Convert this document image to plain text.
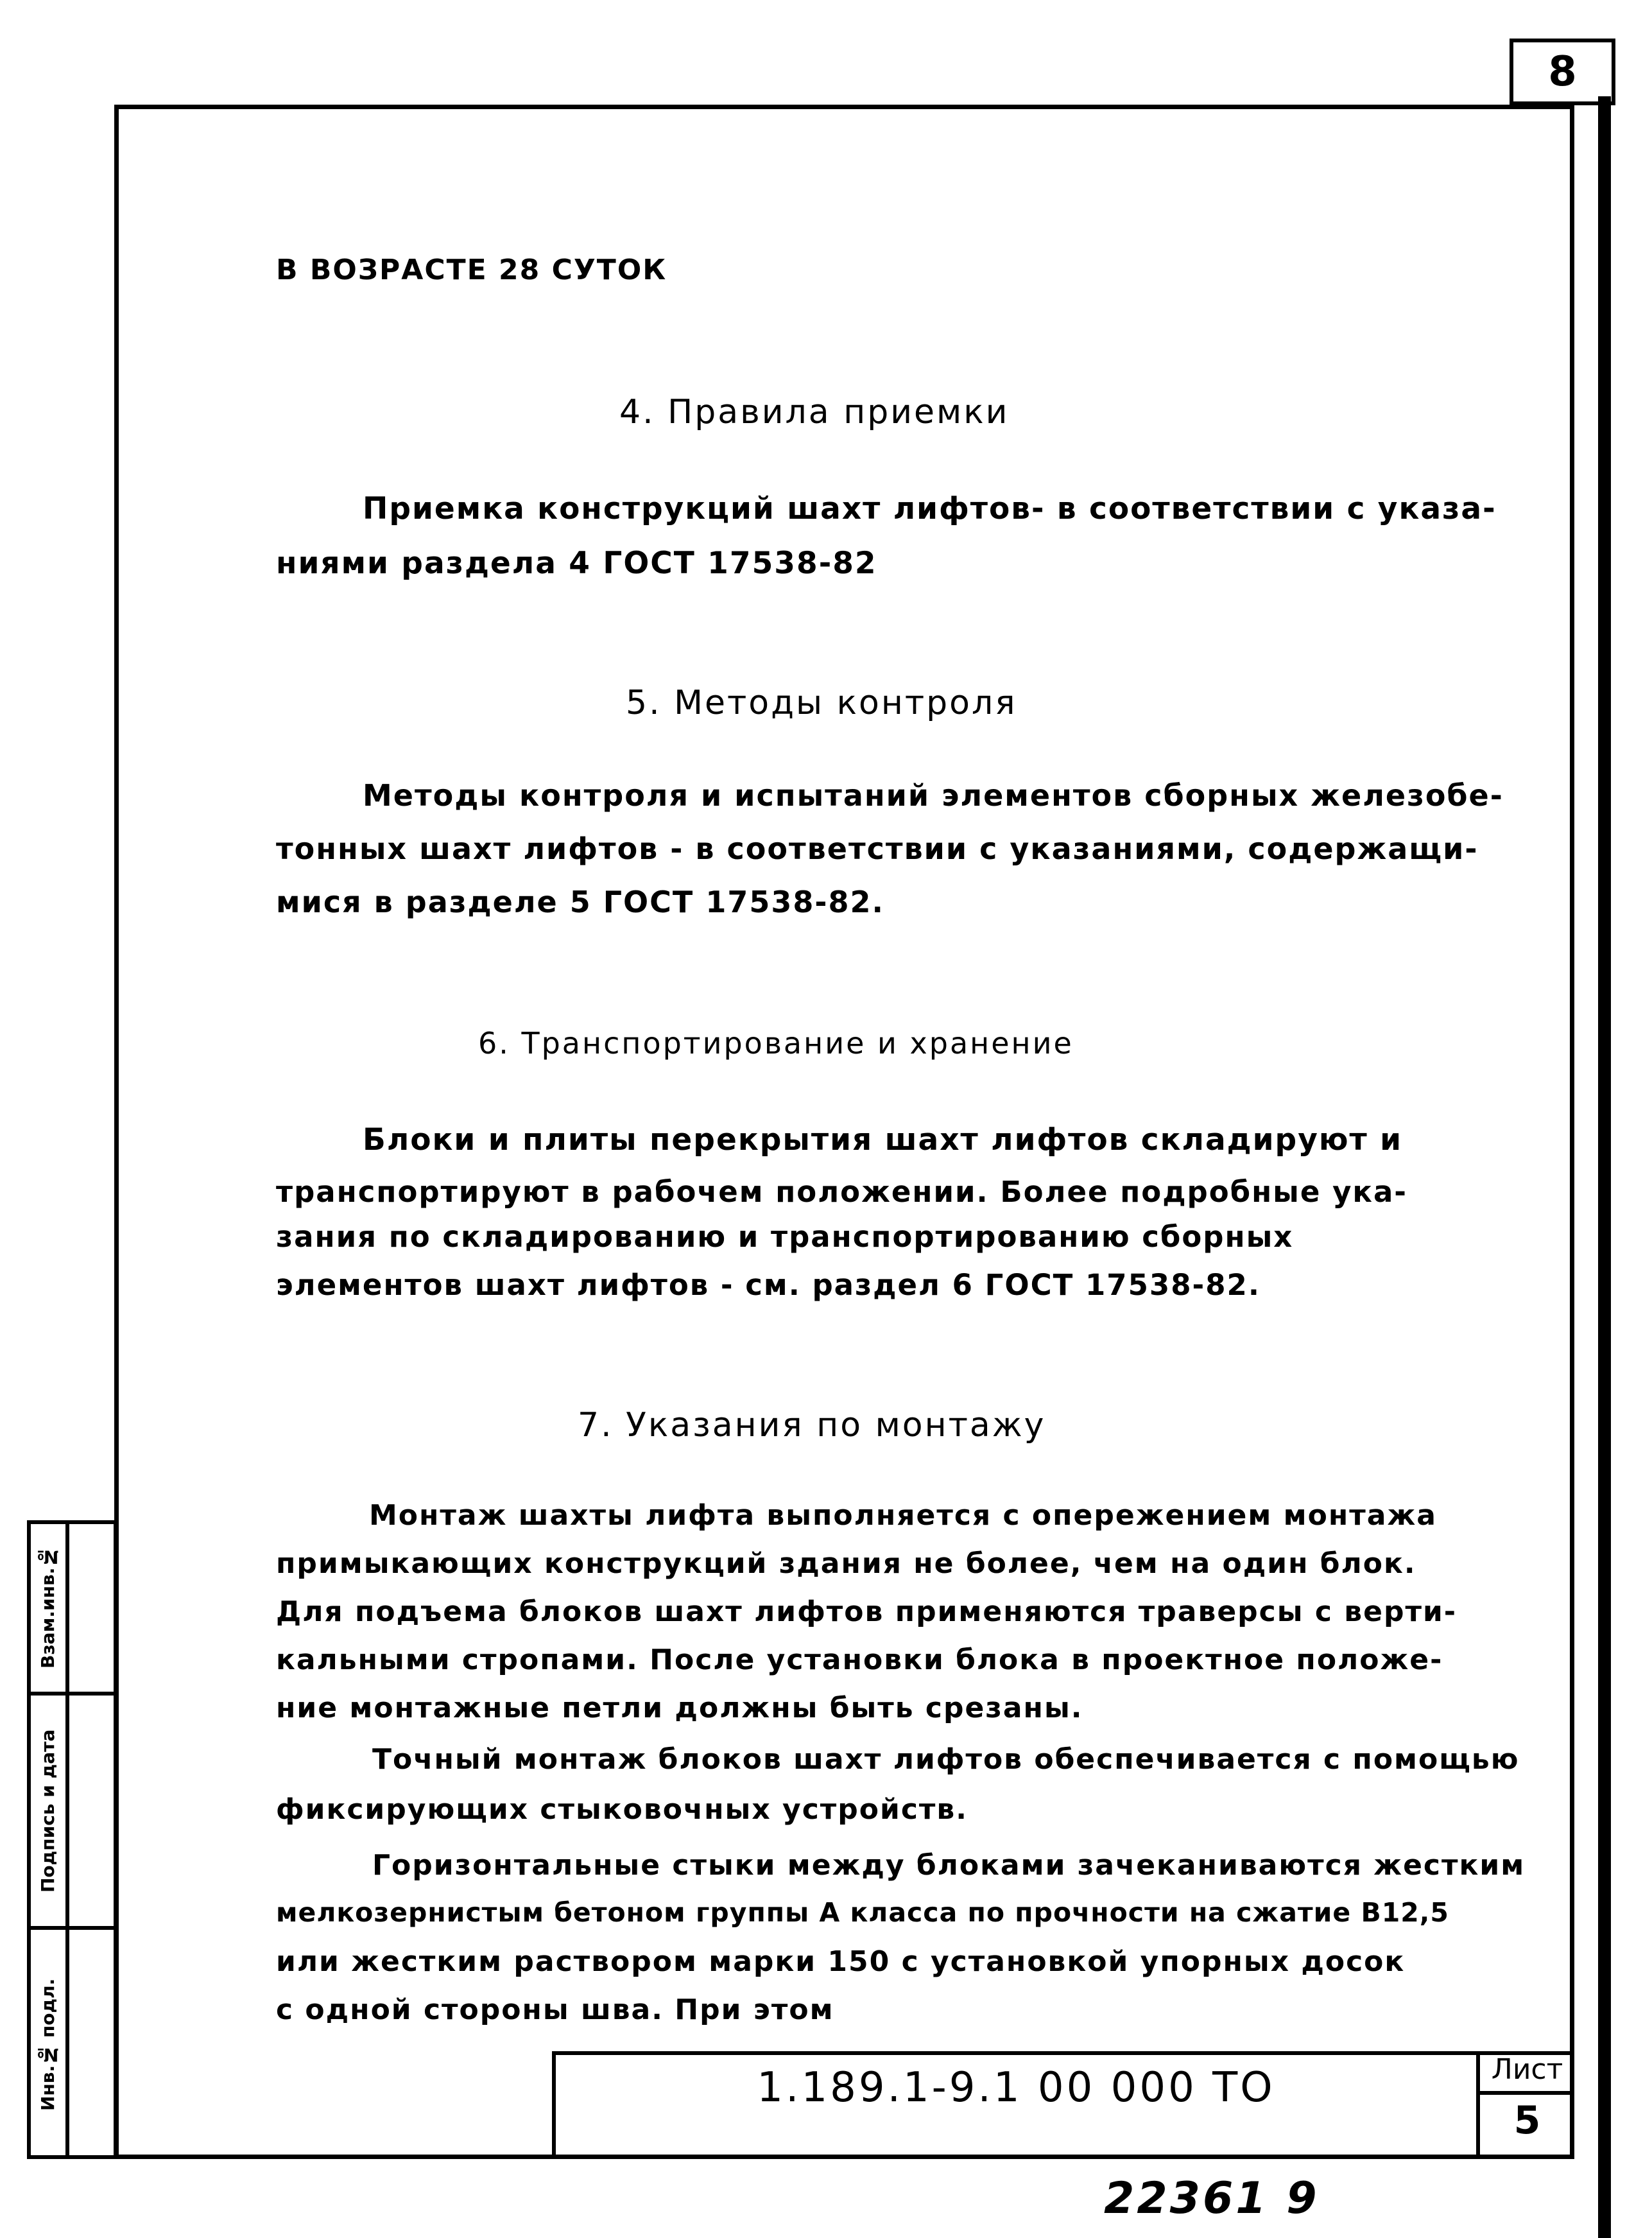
8
В ВОЗРАСТЕ 28 СУТОК
4. Правила приемки
Приемка конструкций шахт лифтов- в соответствии с указа-
ниями раздела 4 ГОСТ 17538-82
5. Методы контроля
Методы контроля и испытаний элементов сборных железобе-
тонных шахт лифтов - в соответствии с указаниями, содержащи-
мися в разделе 5 ГОСТ 17538-82.
6. Транспортирование и хранение
Блоки и плиты перекрытия шахт лифтов складируют и
транспортируют в рабочем положении. Более подробные ука-
зания по складированию и транспортированию сборных
элементов шахт лифтов - см. раздел 6 ГОСТ 17538-82.
7. Указания по монтажу
Монтаж шахты лифта выполняется с опережением монтажа
примыкающих конструкций здания не более, чем на один блок.
Для подъема блоков шахт лифтов применяются траверсы с верти-
кальными стропами. После установки блока в проектное положе-
ние монтажные петли должны быть срезаны.
Точный монтаж блоков шахт лифтов обеспечивается с помощью
фиксирующих стыковочных устройств.
Горизонтальные стыки между блоками зачеканиваются жестким
мелкозернистым бетоном группы А класса по прочности на сжатие В12,5
или жестким раствором марки 150 с установкой упорных досок
с одной стороны шва. При этом
Взам.инв.№
Подпись и дата
Инв.№ подл.	1.189.1-9.1 00 000 ТО	Лист
5
22361 9
